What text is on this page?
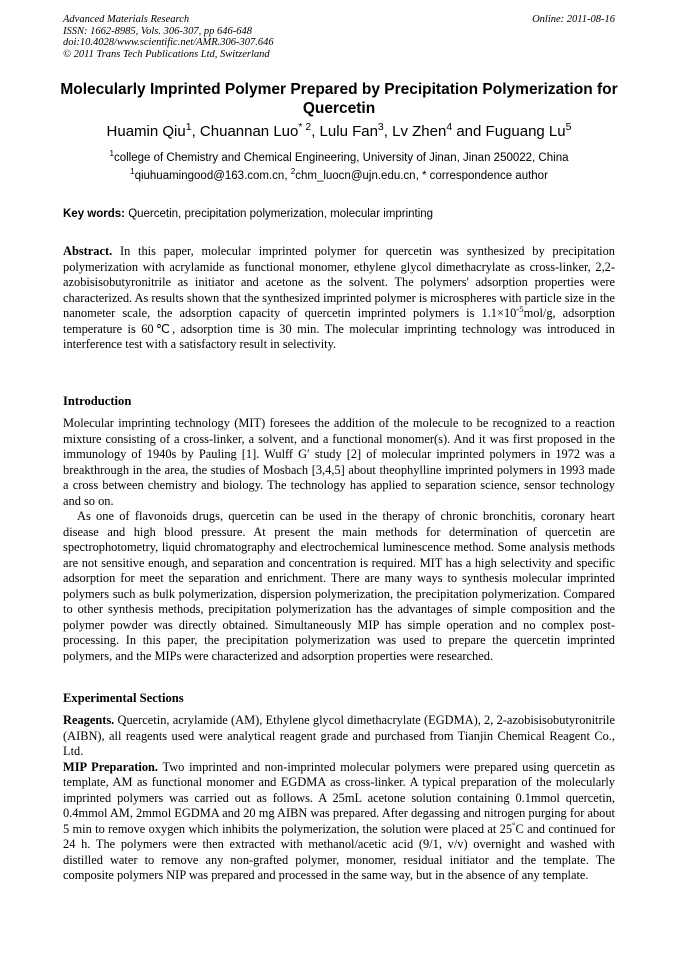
Advanced Materials Research
ISSN: 1662-8985, Vols. 306-307, pp 646-648
doi:10.4028/www.scientific.net/AMR.306-307.646
© 2011 Trans Tech Publications Ltd, Switzerland
Online: 2011-08-16
Molecularly Imprinted Polymer Prepared by Precipitation Polymerization for Quercetin
Huamin Qiu$^1$, Chuannan Luo$^{* 2}$, Lulu Fan$^3$, Lv Zhen$^4$ and Fuguang Lu$^5$
$^1$college of Chemistry and Chemical Engineering, University of Jinan, Jinan 250022, China
$^1$qiuhuamingood@163.com.cn, $^2$chm_luocn@ujn.edu.cn, * correspondence author
Key words: Quercetin, precipitation polymerization, molecular imprinting

Abstract. In this paper, molecular imprinted polymer for quercetin was synthesized by precipitation polymerization with acrylamide as functional monomer, ethylene glycol dimethacrylate as cross-linker, 2,2-azobisisobutyronitrile as initiator and acetone as the solvent. The polymers' adsorption properties were characterized. As results shown that the synthesized imprinted polymer is microspheres with particle size in the nanometer scale, the adsorption capacity of quercetin imprinted polymers is $1.1\times 10^{-5}mol/g$, adsorption temperature is 60℃, adsorption time is 30 min. The molecular imprinting technology was introduced in interference test with a satisfactory result in selectivity.

Introduction

Molecular imprinting technology (MIT) foresees the addition of the molecule to be recognized to a reaction mixture consisting of a cross-linker, a solvent, and a functional monomer(s). And it was first proposed in the immunology of 1940s by Pauling [1]. Wulff G′ study [2] of molecular imprinted polymers in 1972 was a breakthrough in the area, the studies of Mosbach [3,4,5] about theophylline imprinted polymers in 1993 made a cross between chemistry and biology. The technology has applied to separation science, sensor technology and so on.

As one of flavonoids drugs, quercetin can be used in the therapy of chronic bronchitis, coronary heart disease and high blood pressure. At present the main methods for determination of quercetin are spectrophotometry, liquid chromatography and electrochemical luminescence method. Some analysis methods are not sensitive enough, and separation and concentration is required. MIT has a high selectivity and specific adsorption for meet the separation and enrichment. There are many ways to synthesis molecular imprinted polymers such as bulk polymerization, dispersion polymerization, the precipitation polymerization. Compared to other synthesis methods, precipitation polymerization has the advantages of simple composition and the polymer powder was directly obtained. Simultaneously MIP has simple operation and no complex post-processing. In this paper, the precipitation polymerization was used to prepare the quercetin imprinted polymers, and the MIPs were characterized and adsorption properties were researched.

Experimental Sections

Reagents. Quercetin, acrylamide (AM), Ethylene glycol dimethacrylate (EGDMA), 2, 2-azobisisobutyronitrile (AIBN), all reagents used were analytical reagent grade and purchased from Tianjin Chemical Reagent Co., Ltd.

MIP Preparation. Two imprinted and non-imprinted molecular polymers were prepared using quercetin as template, AM as functional monomer and EGDMA as cross-linker. A typical preparation of the molecularly imprinted polymers was carried out as follows. A 25mL acetone solution containing 0.1mmol quercetin, 0.4mmol AM, 2mmol EGDMA and 20 mg AIBN was prepared. After degassing and nitrogen purging for about 5 min to remove oxygen which inhibits the polymerization, the solution were placed at 25°C and continued for 24 h. The polymers were then extracted with methanol/acetic acid (9/1, v/v) overnight and washed with distilled water to remove any non-grafted polymer, monomer, residual initiator and the template. The composite polymers NIP was prepared and processed in the same way, but in the absence of any template.
